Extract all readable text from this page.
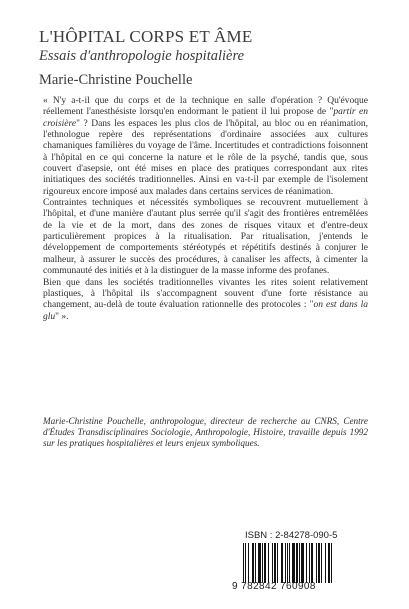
L'HÔPITAL CORPS ET ÂME
Essais d'anthropologie hospitalière
Marie-Christine Pouchelle

« N'y a-t-il que du corps et de la technique en salle d'opération ? Qu'évoque réellement l'anesthésiste lorsqu'en endormant le patient il lui propose de "partir en croisière" ? Dans les espaces les plus clos de l'hôpital, au bloc ou en réanimation, l'ethnologue repère des représentations d'ordinaire associées aux cultures chamaniques familières du voyage de l'âme. Incertitudes et contradictions foisonnent à l'hôpital en ce qui concerne la nature et le rôle de la psyché, tandis que, sous couvert d'asepsie, ont été mises en place des pratiques correspondant aux rites initiatiques des sociétés traditionnelles. Ainsi en va-t-il par exemple de l'isolement rigoureux encore imposé aux malades dans certains services de réanimation.

Contraintes techniques et nécessités symboliques se recouvrent mutuellement à l'hôpital, et d'une manière d'autant plus serrée qu'il s'agit des frontières entremêlées de la vie et de la mort, dans des zones de risques vitaux et d'entre-deux particulièrement propices à la ritualisation. Par ritualisation, j'entends le développement de comportements stéréotypés et répétitifs destinés à conjurer le malheur, à assurer le succès des procédures, à canaliser les affects, à cimenter la communauté des initiés et à la distinguer de la masse informe des profanes.

Bien que dans les sociétés traditionnelles vivantes les rites soient relativement plastiques, à l'hôpital ils s'accompagnent souvent d'une forte résistance au changement, au-delà de toute évaluation rationnelle des protocoles : "on est dans la glu" ».

Marie-Christine Pouchelle, anthropologue, directeur de recherche au CNRS, Centre d'Études Transdisciplinaires Sociologie, Anthropologie, Histoire, travaille depuis 1992 sur les pratiques hospitalières et leurs enjeux symboliques.
ISBN : 2-84278-090-5
9 782842 760908
